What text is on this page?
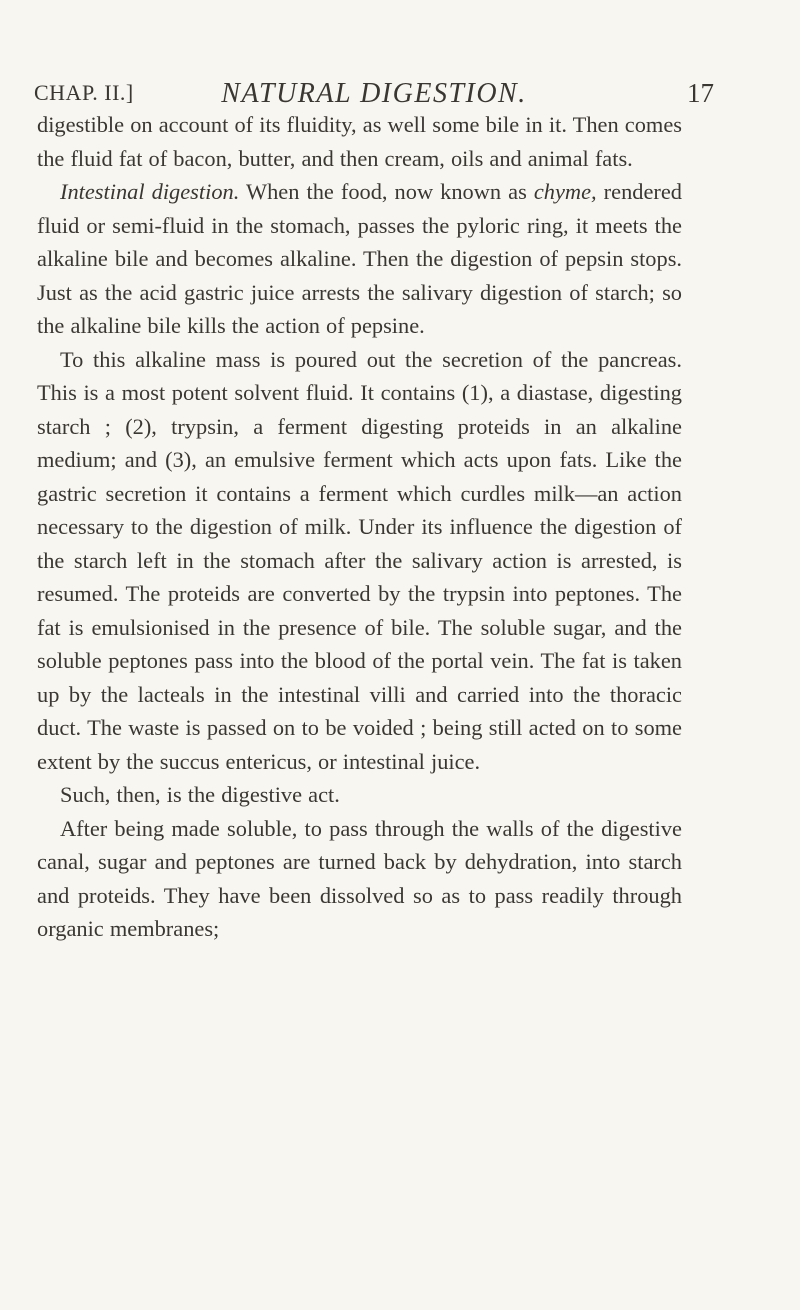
CHAP. II.]	NATURAL DIGESTION.	17

digestible on account of its fluidity, as well some bile in it. Then comes the fluid fat of bacon, butter, and then cream, oils and animal fats.

Intestinal digestion. When the food, now known as chyme, rendered fluid or semi-fluid in the stomach, passes the pyloric ring, it meets the alkaline bile and becomes alkaline. Then the digestion of pepsin stops. Just as the acid gastric juice arrests the salivary digestion of starch; so the alkaline bile kills the action of pepsine.

To this alkaline mass is poured out the secretion of the pancreas. This is a most potent solvent fluid. It contains (1), a diastase, digesting starch ; (2), trypsin, a ferment digesting proteids in an alkaline medium; and (3), an emulsive ferment which acts upon fats. Like the gastric secretion it contains a ferment which curdles milk—an action necessary to the digestion of milk. Under its influence the digestion of the starch left in the stomach after the salivary action is arrested, is resumed. The proteids are converted by the trypsin into peptones. The fat is emulsionised in the presence of bile. The soluble sugar, and the soluble peptones pass into the blood of the portal vein. The fat is taken up by the lacteals in the intestinal villi and carried into the thoracic duct. The waste is passed on to be voided ; being still acted on to some extent by the succus entericus, or intestinal juice.

Such, then, is the digestive act.

After being made soluble, to pass through the walls of the digestive canal, sugar and peptones are turned back by dehydration, into starch and proteids. They have been dissolved so as to pass readily through organic membranes;
